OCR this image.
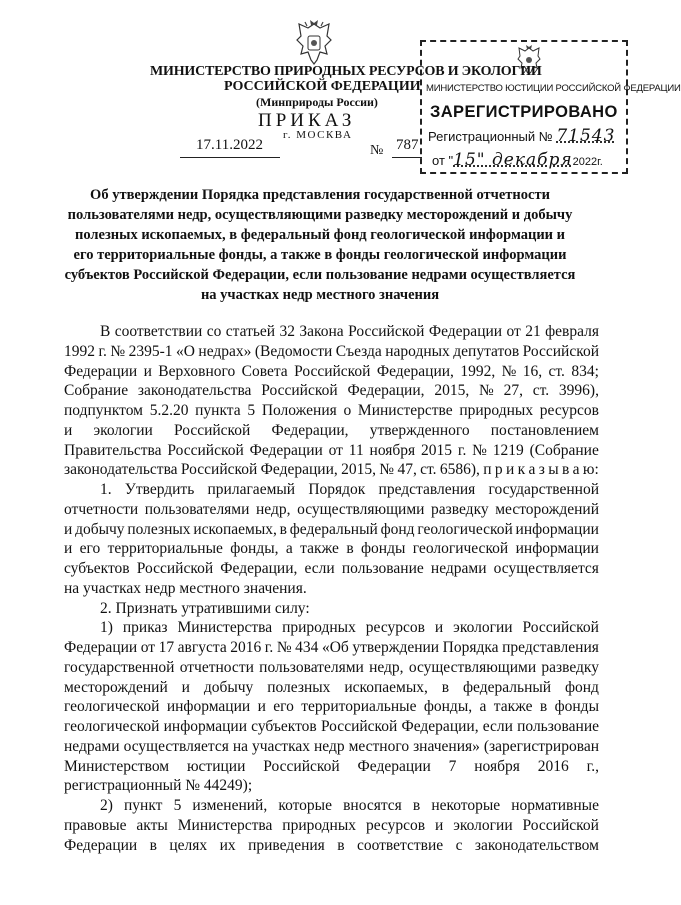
МИНИСТЕРСТВО ЮСТИЦИИ РОССИЙСКОЙ ФЕДЕРАЦИИ
ЗАРЕГИСТРИРОВАНО
Регистрационный № 71543
от "15" декабря2022г.
МИНИСТЕРСТВО ПРИРОДНЫХ РЕСУРСОВ И ЭКОЛОГИИ
РОССИЙСКОЙ ФЕДЕРАЦИИ
(Минприроды России)
ПРИКАЗ
г. МОСКВА
17.11.2022	№ 787
Об утверждении Порядка представления государственной отчетности
пользователями недр, осуществляющими разведку месторождений и добычу
полезных ископаемых, в федеральный фонд геологической информации и
его территориальные фонды, а также в фонды геологической информации
субъектов Российской Федерации, если пользование недрами осуществляется
на участках недр местного значения
В соответствии со статьей 32 Закона Российской Федерации от 21 февраля
1992 г. № 2395-1 «О недрах» (Ведомости Съезда народных депутатов Российской
Федерации и Верховного Совета Российской Федерации, 1992, № 16, ст. 834;
Собрание законодательства Российской Федерации, 2015, № 27, ст. 3996),
подпунктом 5.2.20 пункта 5 Положения о Министерстве природных ресурсов
и экологии Российской Федерации, утвержденного постановлением
Правительства Российской Федерации от 11 ноября 2015 г. № 1219 (Собрание
законодательства Российской Федерации, 2015, № 47, ст. 6586), п р и к а з ы в а ю:
1. Утвердить прилагаемый Порядок представления государственной
отчетности пользователями недр, осуществляющими разведку месторождений
и добычу полезных ископаемых, в федеральный фонд геологической информации
и его территориальные фонды, а также в фонды геологической информации
субъектов Российской Федерации, если пользование недрами осуществляется
на участках недр местного значения.
2. Признать утратившими силу:
1) приказ Министерства природных ресурсов и экологии Российской
Федерации от 17 августа 2016 г. № 434 «Об утверждении Порядка представления
государственной отчетности пользователями недр, осуществляющими разведку
месторождений и добычу полезных ископаемых, в федеральный фонд
геологической информации и его территориальные фонды, а также в фонды
геологической информации субъектов Российской Федерации, если пользование
недрами осуществляется на участках недр местного значения» (зарегистрирован
Министерством юстиции Российской Федерации 7 ноября 2016 г.,
регистрационный № 44249);
2) пункт 5 изменений, которые вносятся в некоторые нормативные
правовые акты Министерства природных ресурсов и экологии Российской
Федерации в целях их приведения в соответствие с законодательством
